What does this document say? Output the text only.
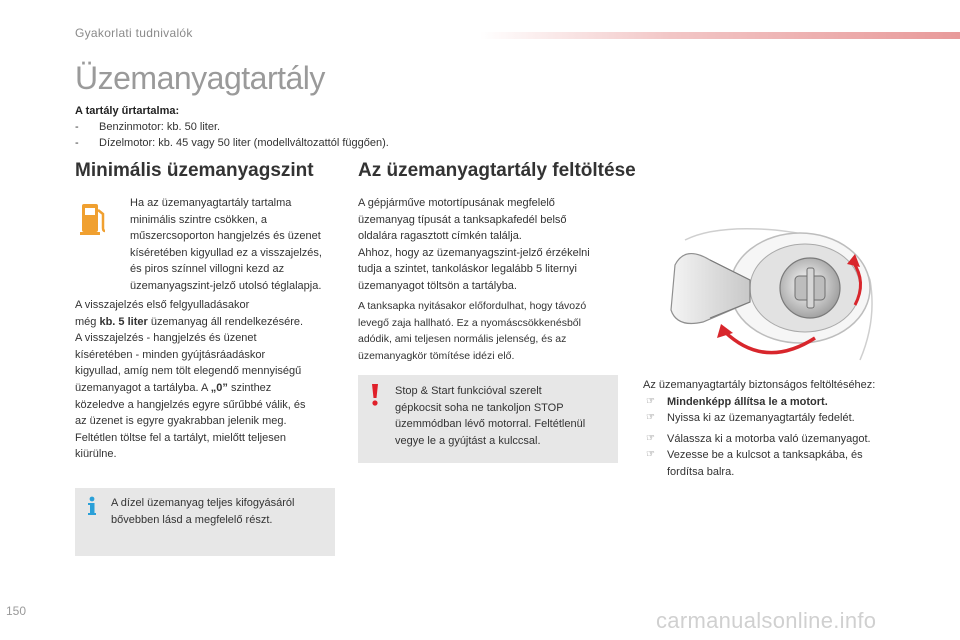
Gyakorlati tudnivalók
Üzemanyagtartály
A tartály űrtartalma:
- Benzinmotor: kb. 50 liter.
- Dízelmotor: kb. 45 vagy 50 liter (modellváltozattól függően).
Minimális üzemanyagszint

Ha az üzemanyagtartály tartalma

minimális szintre csökken, a

műszercsoporton hangjelzés és üzenet

kíséretében kigyullad ez a visszajelzés,

és piros színnel villogni kezd az

üzemanyagszint-jelző utolsó téglalapja.

A visszajelzés első felgyulladásakor

még kb. 5 liter üzemanyag áll rendelkezésére.

A visszajelzés - hangjelzés és üzenet

kíséretében - minden gyújtásráadáskor

kigyullad, amíg nem tölt elegendő mennyiségű

üzemanyagot a tartályba. A „0” szinthez

közeledve a hangjelzés egyre sűrűbbé válik, és

az üzenet is egyre gyakrabban jelenik meg.

Feltétlen töltse fel a tartályt, mielőtt teljesen

kiürülne.

A dízel üzemanyag teljes kifogyásáról

bővebben lásd a megfelelő részt.

Az üzemanyagtartály feltöltése

A gépjárműve motortípusának megfelelő

üzemanyag típusát a tanksapkafedél belső

oldalára ragasztott címkén találja.

Ahhoz, hogy az üzemanyagszint-jelző érzékelni

tudja a szintet, tankoláskor legalább 5 liternyi

üzemanyagot töltsön a tartályba.

A tanksapka nyitásakor előfordulhat, hogy távozó

levegő zaja hallható. Ez a nyomáscsökkenésből

adódik, ami teljesen normális jelenség, és az

üzemanyagkör tömítése idézi elő.

Stop & Start funkcióval szerelt

gépkocsit soha ne tankoljon STOP

üzemmódban lévő motorral. Feltétlenül

vegye le a gyújtást a kulccsal.

Az üzemanyagtartály biztonságos feltöltéséhez:

☞ Mindenképp állítsa le a motort.
☞ Nyissa ki az üzemanyagtartály fedelét.
☞ Válassza ki a motorba való üzemanyagot.
☞ Vezesse be a kulcsot a tanksapkába, és
fordítsa balra.
150	carmanualsonline.info
